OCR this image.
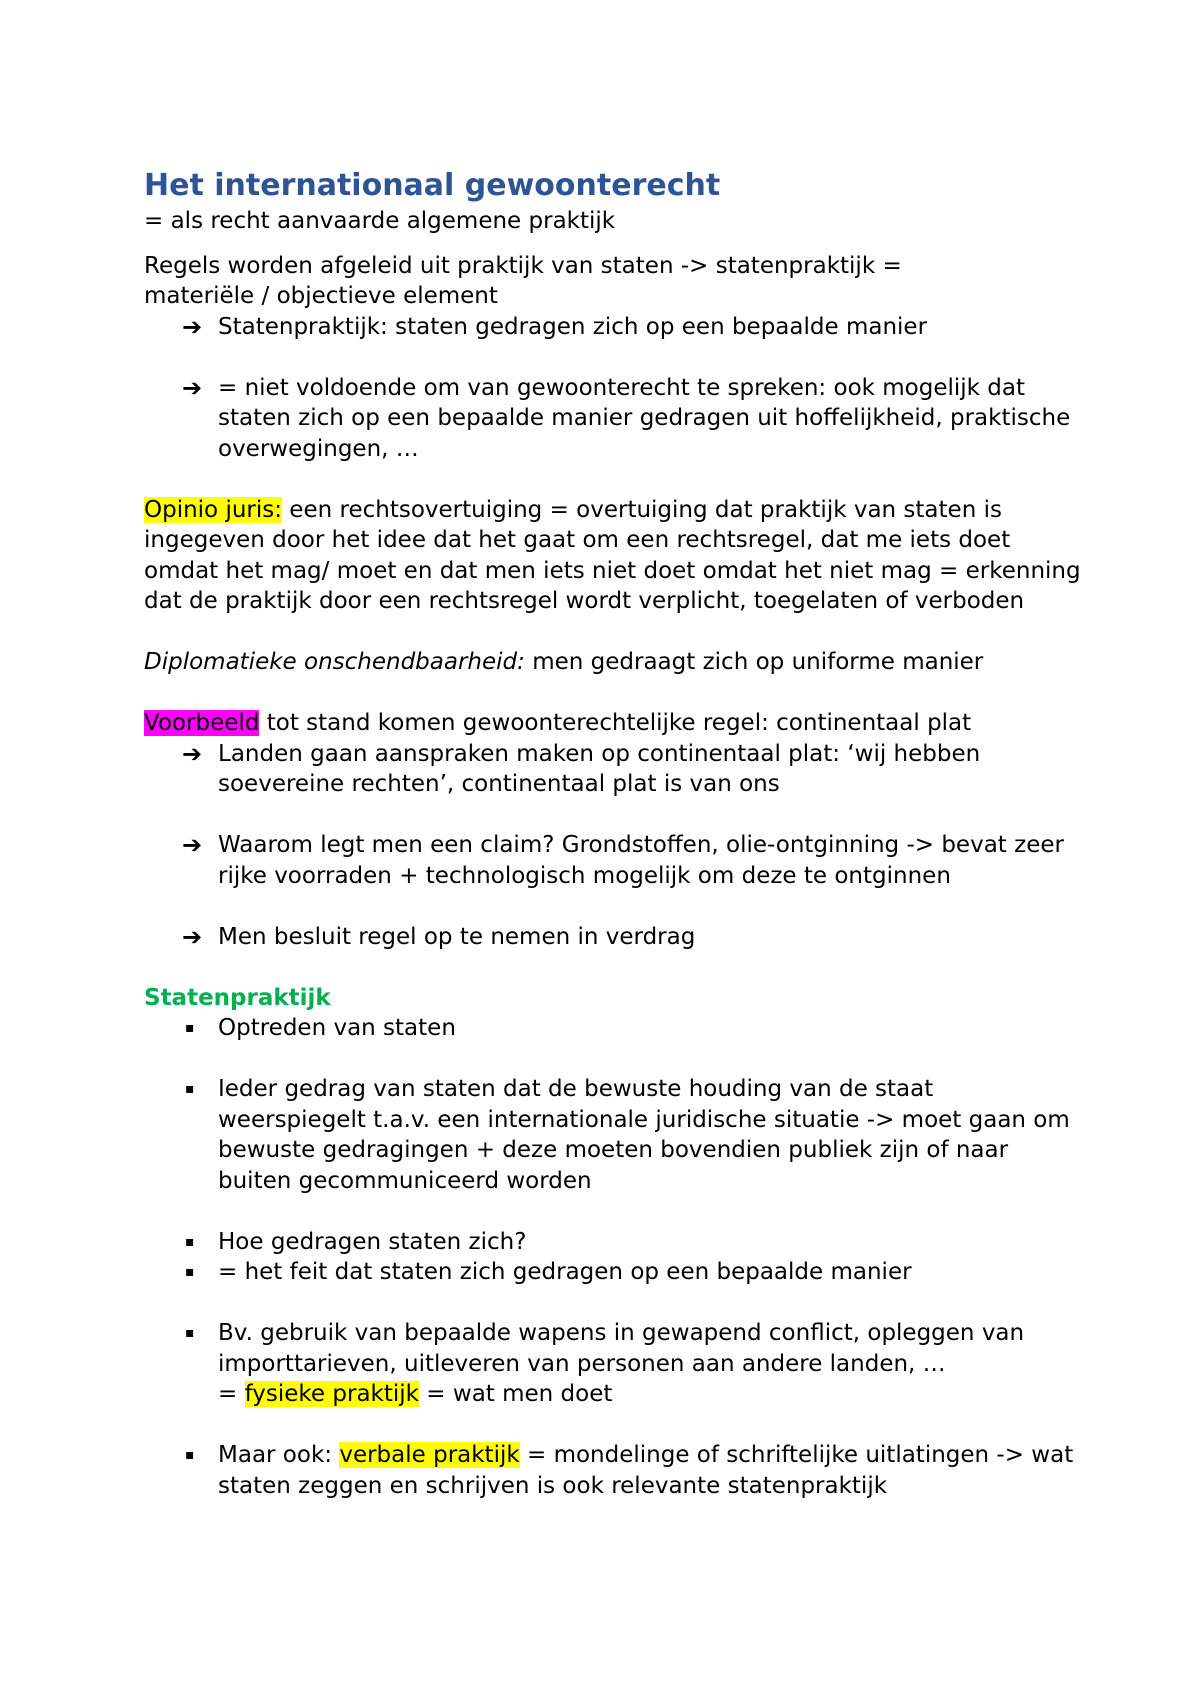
Het internationaal gewoonterecht

= als recht aanvaarde algemene praktijk

Regels worden afgeleid uit praktijk van staten -> statenpraktijk =
materiële / objectieve element

➔ Statenpraktijk: staten gedragen zich op een bepaalde manier
➔ = niet voldoende om van gewoonterecht te spreken: ook mogelijk dat staten zich op een bepaalde manier gedragen uit hoffelijkheid, praktische overwegingen, …

Opinio juris: een rechtsovertuiging = overtuiging dat praktijk van staten is ingegeven door het idee dat het gaat om een rechtsregel, dat me iets doet omdat het mag/ moet en dat men iets niet doet omdat het niet mag = erkenning dat de praktijk door een rechtsregel wordt verplicht, toegelaten of verboden

Diplomatieke onschendbaarheid: men gedraagt zich op uniforme manier

Voorbeeld tot stand komen gewoonterechtelijke regel: continentaal plat

➔ Landen gaan aanspraken maken op continentaal plat: ‘wij hebben soevereine rechten’, continentaal plat is van ons
➔ Waarom legt men een claim? Grondstoffen, olie-ontginning -> bevat zeer rijke voorraden + technologisch mogelijk om deze te ontginnen
➔ Men besluit regel op te nemen in verdrag

Statenpraktijk

▪	Optreden van staten
▪	Ieder gedrag van staten dat de bewuste houding van de staat weerspiegelt t.a.v. een internationale juridische situatie -> moet gaan om bewuste gedragingen + deze moeten bovendien publiek zijn of naar buiten gecommuniceerd worden
▪	Hoe gedragen staten zich?
▪	= het feit dat staten zich gedragen op een bepaalde manier
▪	Bv. gebruik van bepaalde wapens in gewapend conflict, opleggen van importtarieven, uitleveren van personen aan andere landen, …
= fysieke praktijk = wat men doet
▪	Maar ook: verbale praktijk = mondelinge of schriftelijke uitlatingen -> wat staten zeggen en schrijven is ook relevante statenpraktijk
